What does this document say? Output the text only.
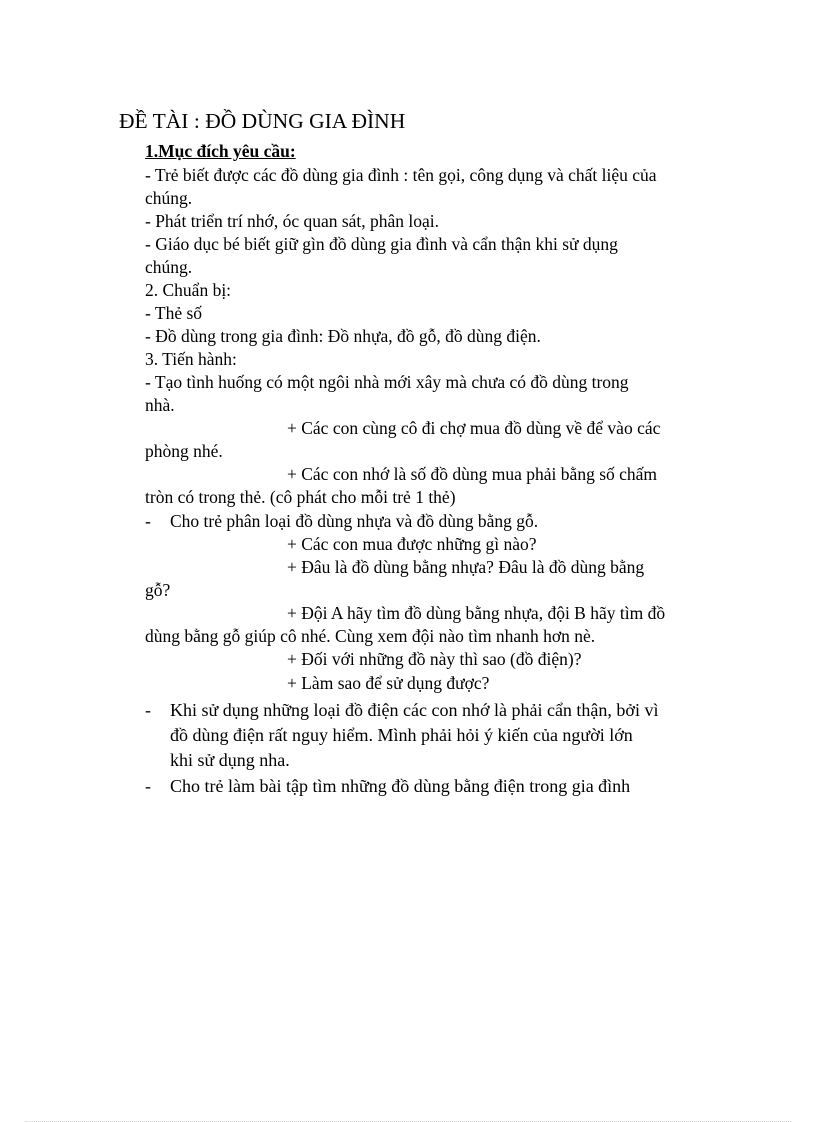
ĐỀ TÀI : ĐỒ DÙNG GIA ĐÌNH
1.Mục đích yêu cầu:
- Trẻ biết được các đồ dùng gia đình : tên gọi, công dụng và chất liệu của
chúng.
- Phát triển trí nhớ, óc quan sát, phân loại.
- Giáo dục bé biết giữ gìn đồ dùng gia đình và cẩn thận khi sử dụng
chúng.
2. Chuẩn bị:
- Thẻ số
- Đồ dùng trong gia đình: Đồ nhựa, đồ gỗ, đồ dùng điện.
3. Tiến hành:
- Tạo tình huống có một ngôi nhà mới xây mà chưa có đồ dùng trong
nhà.
+ Các con cùng cô đi chợ mua đồ dùng về để vào các
phòng nhé.
+ Các con nhớ là số đồ dùng mua phải bằng số chấm
tròn có trong thẻ. (cô phát cho mỗi trẻ 1 thẻ)
- Cho trẻ phân loại đồ dùng nhựa và đồ dùng bằng gỗ.
+ Các con mua được những gì nào?
+ Đâu là đồ dùng bằng nhựa? Đâu là đồ dùng bằng
gỗ?
+ Đội A hãy tìm đồ dùng bằng nhựa, đội B hãy tìm đồ
dùng bằng gỗ giúp cô nhé. Cùng xem đội nào tìm nhanh hơn nè.
+ Đối với những đồ này thì sao (đồ điện)?
+ Làm sao để sử dụng được?
- Khi sử dụng những loại đồ điện các con nhớ là phải cẩn thận, bởi vì
đồ dùng điện rất nguy hiểm. Mình phải hỏi ý kiến của người lớn
khi sử dụng nha.
- Cho trẻ làm bài tập tìm những đồ dùng bằng điện trong gia đình
